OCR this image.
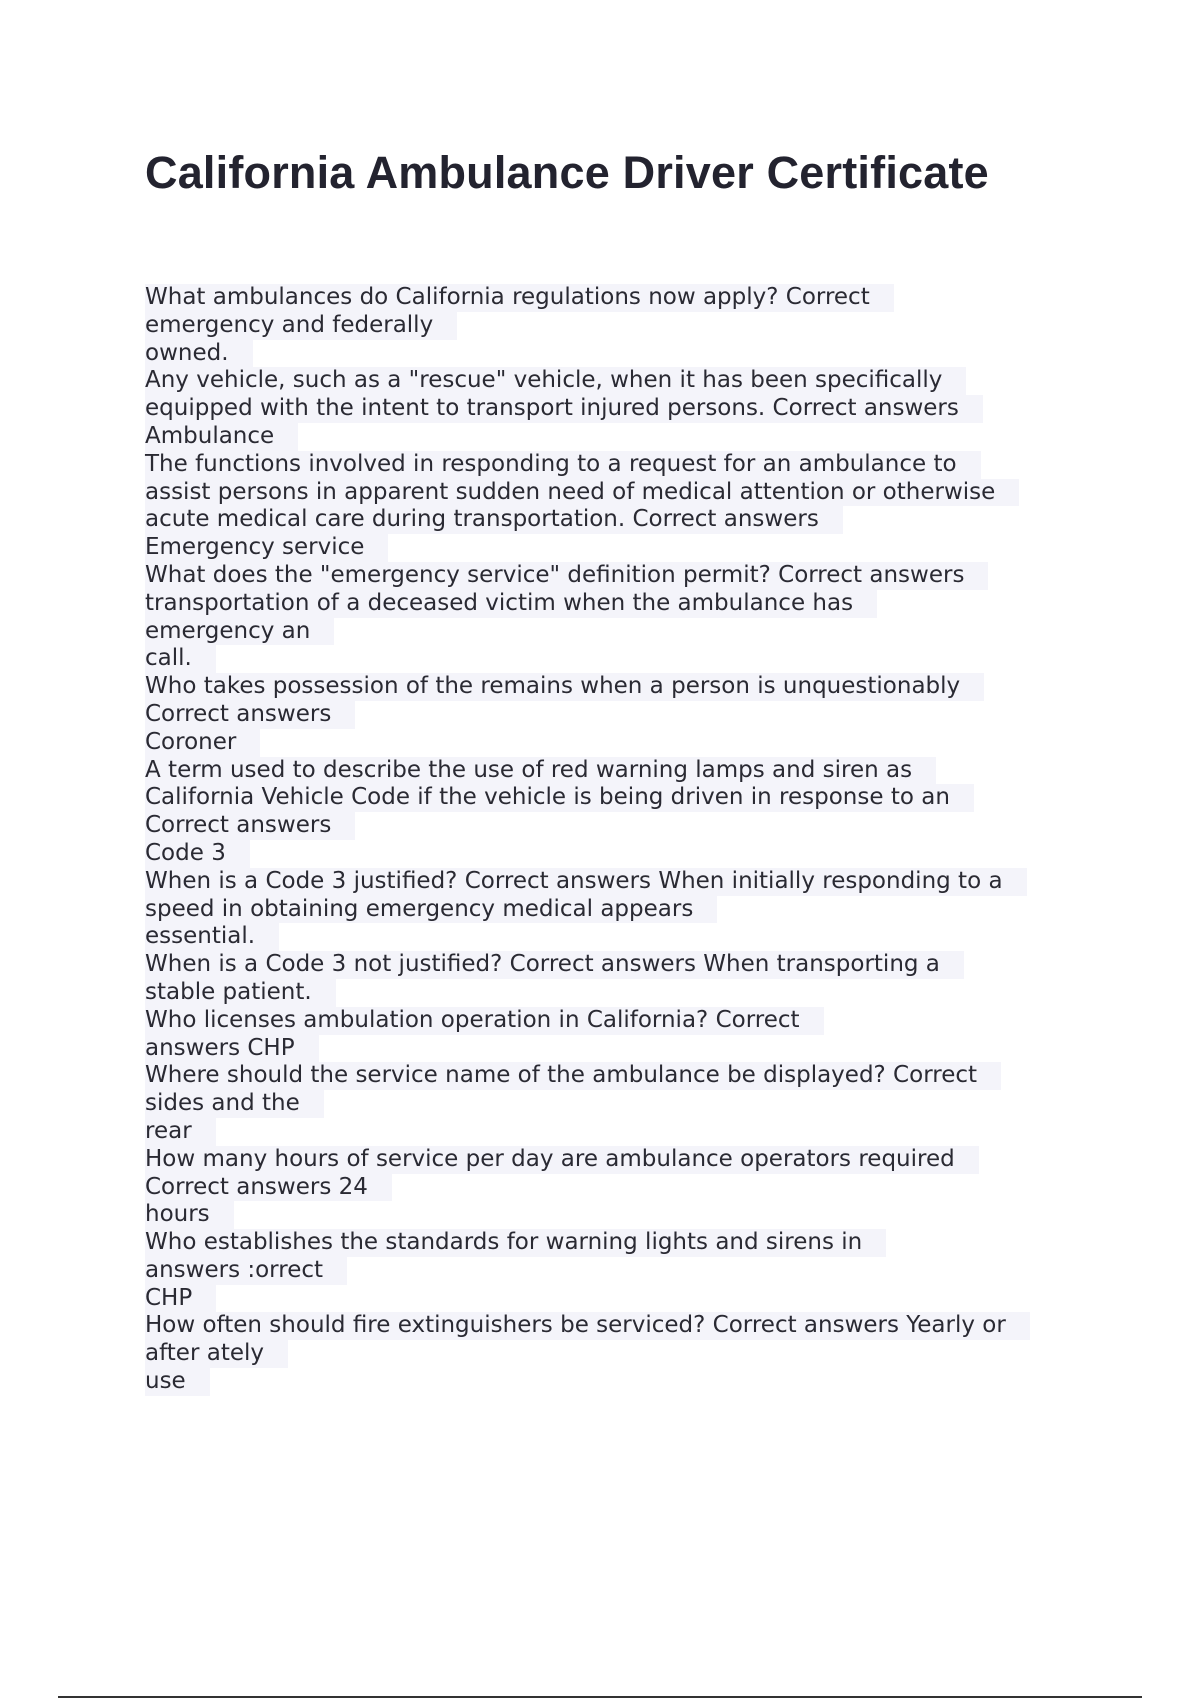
California Ambulance Driver Certificate
What ambulances do California regulations now apply? Correct
emergency and federally
owned.
Any vehicle, such as a "rescue" vehicle, when it has been specifically
equipped with the intent to transport injured persons. Correct answers
Ambulance
The functions involved in responding to a request for an ambulance to
assist persons in apparent sudden need of medical attention or otherwise
acute medical care during transportation. Correct answers
Emergency service
What does the "emergency service" definition permit? Correct answers
transportation of a deceased victim when the ambulance has
emergency an
call.
Who takes possession of the remains when a person is unquestionably
Correct answers
Coroner
A term used to describe the use of red warning lamps and siren as
California Vehicle Code if the vehicle is being driven in response to an
Correct answers
Code 3
When is a Code 3 justified? Correct answers When initially responding to a
speed in obtaining emergency medical appears
essential.
When is a Code 3 not justified? Correct answers When transporting a
stable patient.
Who licenses ambulation operation in California? Correct
answers CHP
Where should the service name of the ambulance be displayed? Correct
sides and the
rear
How many hours of service per day are ambulance operators required
Correct answers 24
hours
Who establishes the standards for warning lights and sirens in
answers :orrect
CHP
How often should fire extinguishers be serviced? Correct answers Yearly or
after ately
use
